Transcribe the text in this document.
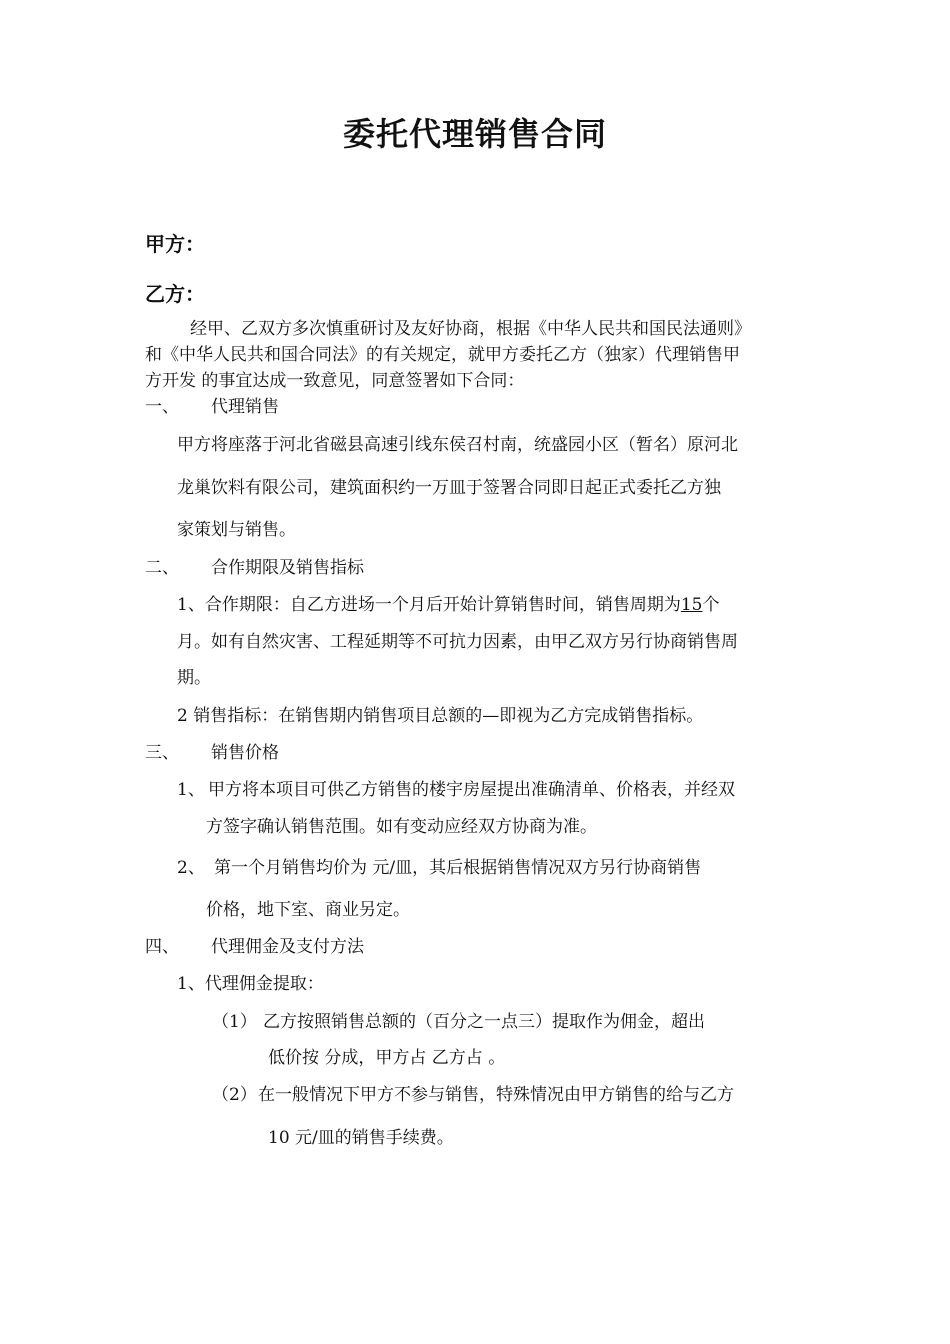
委托代理销售合同
甲方：
乙方：
经甲、乙双方多次慎重研讨及友好协商，根据《中华人民共和国民法通则》
和《中华人民共和国合同法》的有关规定，就甲方委托乙方（独家）代理销售甲
方开发 的事宜达成一致意见，同意签署如下合同：
一、 代理销售
甲方将座落于河北省磁县高速引线东侯召村南，统盛园小区（暂名）原河北
龙巢饮料有限公司，建筑面积约一万皿于签署合同即日起正式委托乙方独
家策划与销售。
二、 合作期限及销售指标
1、合作期限：自乙方进场一个月后开始计算销售时间，销售周期为15个
月。如有自然灾害、工程延期等不可抗力因素，由甲乙双方另行协商销售周
期。
2 销售指标：在销售期内销售项目总额的—即视为乙方完成销售指标。
三、 销售价格
1、 甲方将本项目可供乙方销售的楼宇房屋提出准确清单、价格表，并经双
方签字确认销售范围。如有变动应经双方协商为准。
2、 第一个月销售均价为 元/皿，其后根据销售情况双方另行协商销售
价格，地下室、商业另定。
四、 代理佣金及支付方法
1、代理佣金提取：
（1） 乙方按照销售总额的（百分之一点三）提取作为佣金，超出
低价按 分成，甲方占 乙方占 。
（2）在一般情况下甲方不参与销售，特殊情况由甲方销售的给与乙方
10 元/皿的销售手续费。
